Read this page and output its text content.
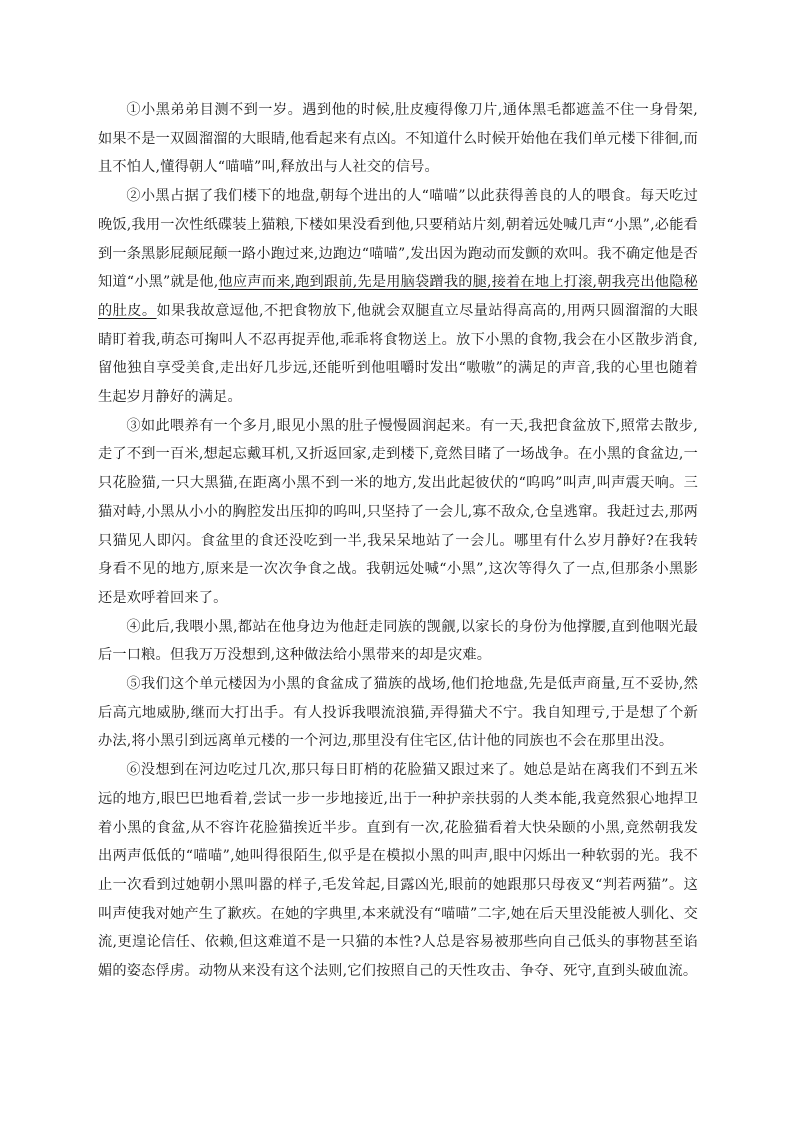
①小黑弟弟目测不到一岁。遇到他的时候,肚皮瘦得像刀片,通体黑毛都遮盖不住一身骨架,如果不是一双圆溜溜的大眼睛,他看起来有点凶。不知道什么时候开始他在我们单元楼下徘徊,而且不怕人,懂得朝人“喵喵”叫,释放出与人社交的信号。

②小黑占据了我们楼下的地盘,朝每个进出的人“喵喵”以此获得善良的人的喂食。每天吃过晚饭,我用一次性纸碟装上猫粮,下楼如果没看到他,只要稍站片刻,朝着远处喊几声“小黑”,必能看到一条黑影屁颠屁颠一路小跑过来,边跑边“喵喵”,发出因为跑动而发颤的欢叫。我不确定他是否知道“小黑”就是他,他应声而来,跑到跟前,先是用脑袋蹭我的腿,接着在地上打滚,朝我亮出他隐秘的肚皮。如果我故意逗他,不把食物放下,他就会双腿直立尽量站得高高的,用两只圆溜溜的大眼睛盯着我,萌态可掬叫人不忍再捉弄他,乖乖将食物送上。放下小黑的食物,我会在小区散步消食,留他独自享受美食,走出好几步远,还能听到他咀嚼时发出“嗷嗷”的满足的声音,我的心里也随着生起岁月静好的满足。

③如此喂养有一个多月,眼见小黑的肚子慢慢圆润起来。有一天,我把食盆放下,照常去散步,走了不到一百米,想起忘戴耳机,又折返回家,走到楼下,竟然目睹了一场战争。在小黑的食盆边,一只花脸猫,一只大黑猫,在距离小黑不到一米的地方,发出此起彼伏的“呜呜”叫声,叫声震天响。三猫对峙,小黑从小小的胸腔发出压抑的呜叫,只坚持了一会儿,寡不敌众,仓皇逃窜。我赶过去,那两只猫见人即闪。食盆里的食还没吃到一半,我呆呆地站了一会儿。哪里有什么岁月静好?在我转身看不见的地方,原来是一次次争食之战。我朝远处喊“小黑”,这次等得久了一点,但那条小黑影还是欢呼着回来了。

④此后,我喂小黑,都站在他身边为他赶走同族的觊觎,以家长的身份为他撑腰,直到他咽光最后一口粮。但我万万没想到,这种做法给小黑带来的却是灾难。

⑤我们这个单元楼因为小黑的食盆成了猫族的战场,他们抢地盘,先是低声商量,互不妥协,然后高亢地威胁,继而大打出手。有人投诉我喂流浪猫,弄得猫犬不宁。我自知理亏,于是想了个新办法,将小黑引到远离单元楼的一个河边,那里没有住宅区,估计他的同族也不会在那里出没。

⑥没想到在河边吃过几次,那只每日盯梢的花脸猫又跟过来了。她总是站在离我们不到五米远的地方,眼巴巴地看着,尝试一步一步地接近,出于一种护亲扶弱的人类本能,我竟然狠心地捍卫着小黑的食盆,从不容许花脸猫挨近半步。直到有一次,花脸猫看着大快朵颐的小黑,竟然朝我发出两声低低的“喵喵”,她叫得很陌生,似乎是在模拟小黑的叫声,眼中闪烁出一种软弱的光。我不止一次看到过她朝小黑叫嚣的样子,毛发耸起,目露凶光,眼前的她跟那只母夜叉“判若两猫”。这叫声使我对她产生了歉疚。在她的字典里,本来就没有“喵喵”二字,她在后天里没能被人驯化、交流,更遑论信任、依赖,但这难道不是一只猫的本性?人总是容易被那些向自己低头的事物甚至谄媚的姿态俘虏。动物从来没有这个法则,它们按照自己的天性攻击、争夺、死守,直到头破血流。
